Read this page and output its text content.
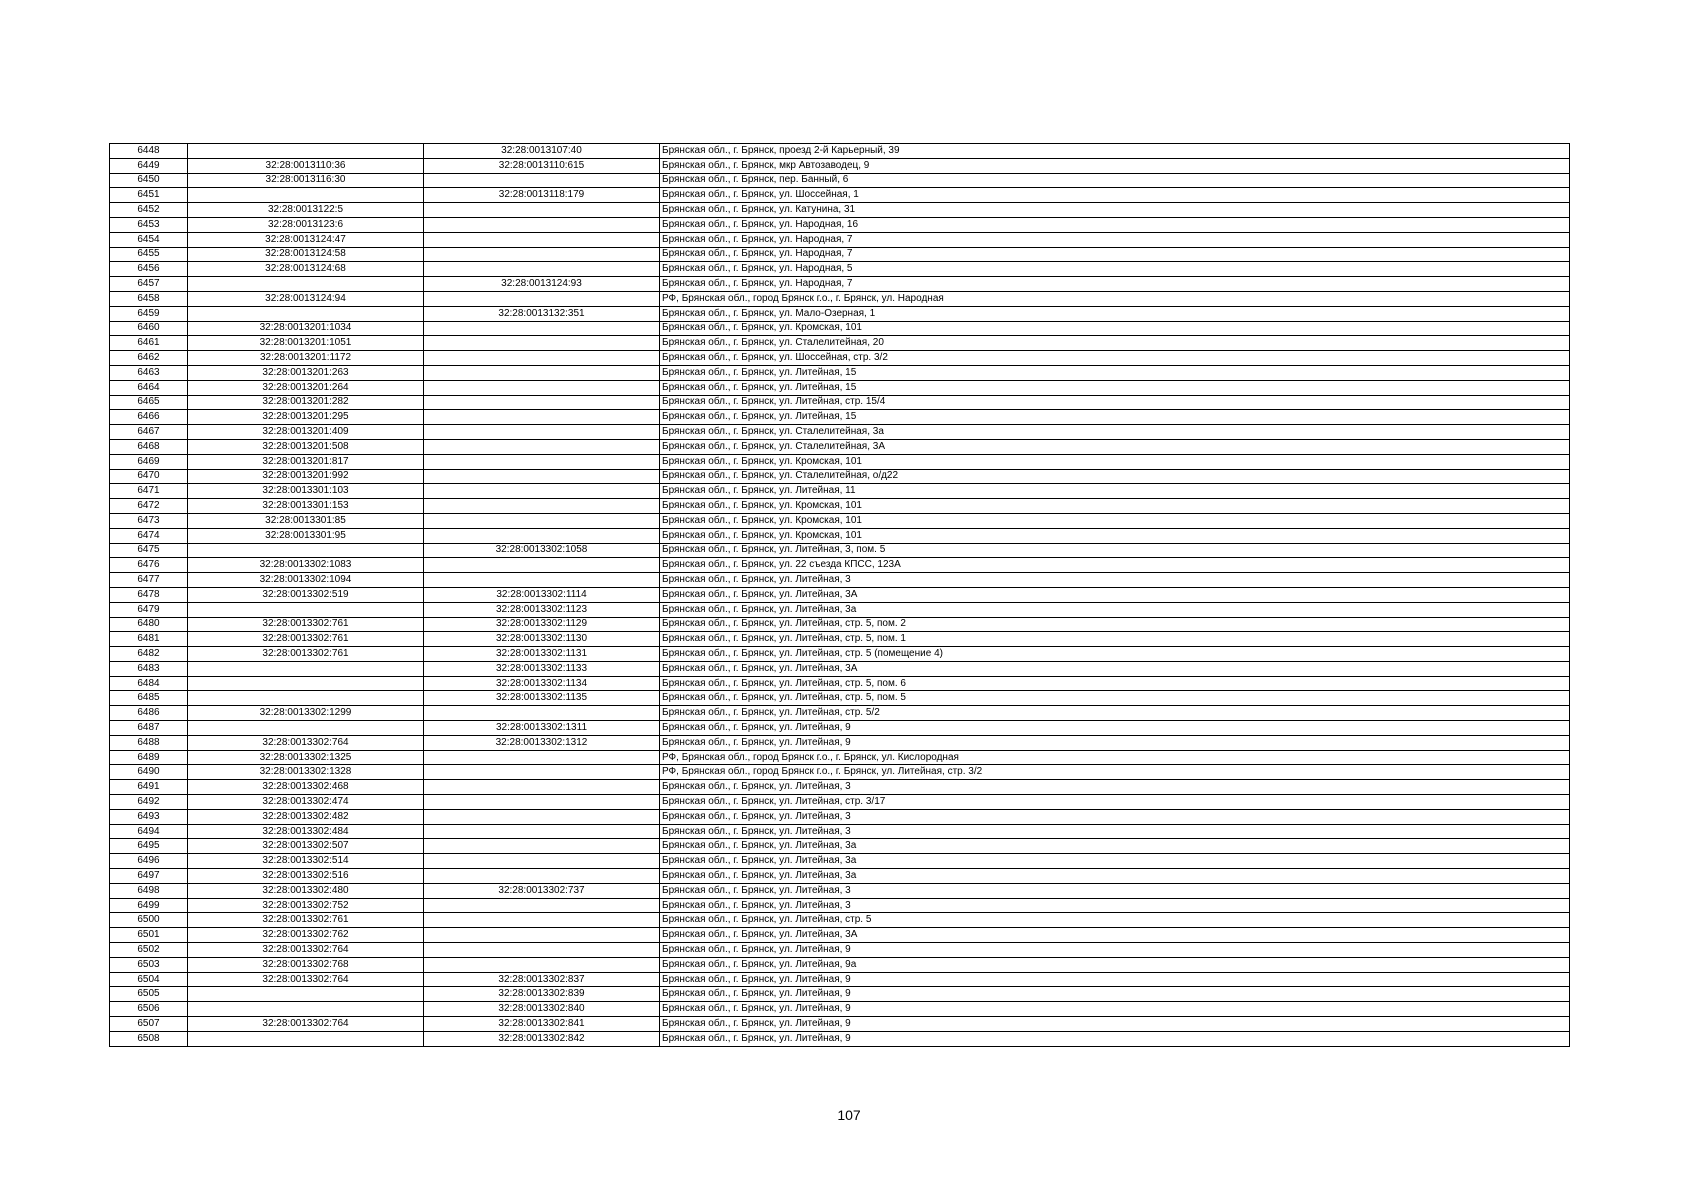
6448		32:28:0013107:40	Брянская обл., г. Брянск, проезд 2-й Карьерный, 39
6449	32:28:0013110:36	32:28:0013110:615	Брянская обл., г. Брянск, мкр Автозаводец, 9
6450	32:28:0013116:30		Брянская обл., г. Брянск, пер. Банный, 6
6451		32:28:0013118:179	Брянская обл., г. Брянск, ул. Шоссейная, 1
6452	32:28:0013122:5		Брянская обл., г. Брянск, ул. Катунина, 31
6453	32:28:0013123:6		Брянская обл., г. Брянск, ул. Народная, 16
6454	32:28:0013124:47		Брянская обл., г. Брянск, ул. Народная, 7
6455	32:28:0013124:58		Брянская обл., г. Брянск, ул. Народная, 7
6456	32:28:0013124:68		Брянская обл., г. Брянск, ул. Народная, 5
6457		32:28:0013124:93	Брянская обл., г. Брянск, ул. Народная, 7
6458	32:28:0013124:94		РФ, Брянская обл., город Брянск г.о., г. Брянск, ул. Народная
6459		32:28:0013132:351	Брянская обл., г. Брянск, ул. Мало-Озерная, 1
6460	32:28:0013201:1034		Брянская обл., г. Брянск, ул. Кромская, 101
6461	32:28:0013201:1051		Брянская обл., г. Брянск, ул. Сталелитейная, 20
6462	32:28:0013201:1172		Брянская обл., г. Брянск, ул. Шоссейная, стр. 3/2
6463	32:28:0013201:263		Брянская обл., г. Брянск, ул. Литейная, 15
6464	32:28:0013201:264		Брянская обл., г. Брянск, ул. Литейная, 15
6465	32:28:0013201:282		Брянская обл., г. Брянск, ул. Литейная, стр. 15/4
6466	32:28:0013201:295		Брянская обл., г. Брянск, ул. Литейная, 15
6467	32:28:0013201:409		Брянская обл., г. Брянск, ул. Сталелитейная, 3а
6468	32:28:0013201:508		Брянская обл., г. Брянск, ул. Сталелитейная, 3А
6469	32:28:0013201:817		Брянская обл., г. Брянск, ул. Кромская, 101
6470	32:28:0013201:992		Брянская обл., г. Брянск, ул. Сталелитейная, о/д22
6471	32:28:0013301:103		Брянская обл., г. Брянск, ул. Литейная, 11
6472	32:28:0013301:153		Брянская обл., г. Брянск, ул. Кромская, 101
6473	32:28:0013301:85		Брянская обл., г. Брянск, ул. Кромская, 101
6474	32:28:0013301:95		Брянская обл., г. Брянск, ул. Кромская, 101
6475		32:28:0013302:1058	Брянская обл., г. Брянск, ул. Литейная, 3, пом. 5
6476	32:28:0013302:1083		Брянская обл., г. Брянск, ул. 22 съезда КПСС, 123А
6477	32:28:0013302:1094		Брянская обл., г. Брянск, ул. Литейная, 3
6478	32:28:0013302:519	32:28:0013302:1114	Брянская обл., г. Брянск, ул. Литейная, 3А
6479		32:28:0013302:1123	Брянская обл., г. Брянск, ул. Литейная, 3а
6480	32:28:0013302:761	32:28:0013302:1129	Брянская обл., г. Брянск, ул. Литейная, стр. 5, пом. 2
6481	32:28:0013302:761	32:28:0013302:1130	Брянская обл., г. Брянск, ул. Литейная, стр. 5, пом. 1
6482	32:28:0013302:761	32:28:0013302:1131	Брянская обл., г. Брянск, ул. Литейная, стр. 5 (помещение 4)
6483		32:28:0013302:1133	Брянская обл., г. Брянск, ул. Литейная, 3А
6484		32:28:0013302:1134	Брянская обл., г. Брянск, ул. Литейная, стр. 5, пом. 6
6485		32:28:0013302:1135	Брянская обл., г. Брянск, ул. Литейная, стр. 5, пом. 5
6486	32:28:0013302:1299		Брянская обл., г. Брянск, ул. Литейная, стр. 5/2
6487		32:28:0013302:1311	Брянская обл., г. Брянск, ул. Литейная, 9
6488	32:28:0013302:764	32:28:0013302:1312	Брянская обл., г. Брянск, ул. Литейная, 9
6489	32:28:0013302:1325		РФ, Брянская обл., город Брянск г.о., г. Брянск, ул. Кислородная
6490	32:28:0013302:1328		РФ, Брянская обл., город Брянск г.о., г. Брянск, ул. Литейная, стр. 3/2
6491	32:28:0013302:468		Брянская обл., г. Брянск, ул. Литейная, 3
6492	32:28:0013302:474		Брянская обл., г. Брянск, ул. Литейная, стр. 3/17
6493	32:28:0013302:482		Брянская обл., г. Брянск, ул. Литейная, 3
6494	32:28:0013302:484		Брянская обл., г. Брянск, ул. Литейная, 3
6495	32:28:0013302:507		Брянская обл., г. Брянск, ул. Литейная, 3а
6496	32:28:0013302:514		Брянская обл., г. Брянск, ул. Литейная, 3а
6497	32:28:0013302:516		Брянская обл., г. Брянск, ул. Литейная, 3а
6498	32:28:0013302:480	32:28:0013302:737	Брянская обл., г. Брянск, ул. Литейная, 3
6499	32:28:0013302:752		Брянская обл., г. Брянск, ул. Литейная, 3
6500	32:28:0013302:761		Брянская обл., г. Брянск, ул. Литейная, стр. 5
6501	32:28:0013302:762		Брянская обл., г. Брянск, ул. Литейная, 3А
6502	32:28:0013302:764		Брянская обл., г. Брянск, ул. Литейная, 9
6503	32:28:0013302:768		Брянская обл., г. Брянск, ул. Литейная, 9а
6504	32:28:0013302:764	32:28:0013302:837	Брянская обл., г. Брянск, ул. Литейная, 9
6505		32:28:0013302:839	Брянская обл., г. Брянск, ул. Литейная, 9
6506		32:28:0013302:840	Брянская обл., г. Брянск, ул. Литейная, 9
6507	32:28:0013302:764	32:28:0013302:841	Брянская обл., г. Брянск, ул. Литейная, 9
6508		32:28:0013302:842	Брянская обл., г. Брянск, ул. Литейная, 9
107
